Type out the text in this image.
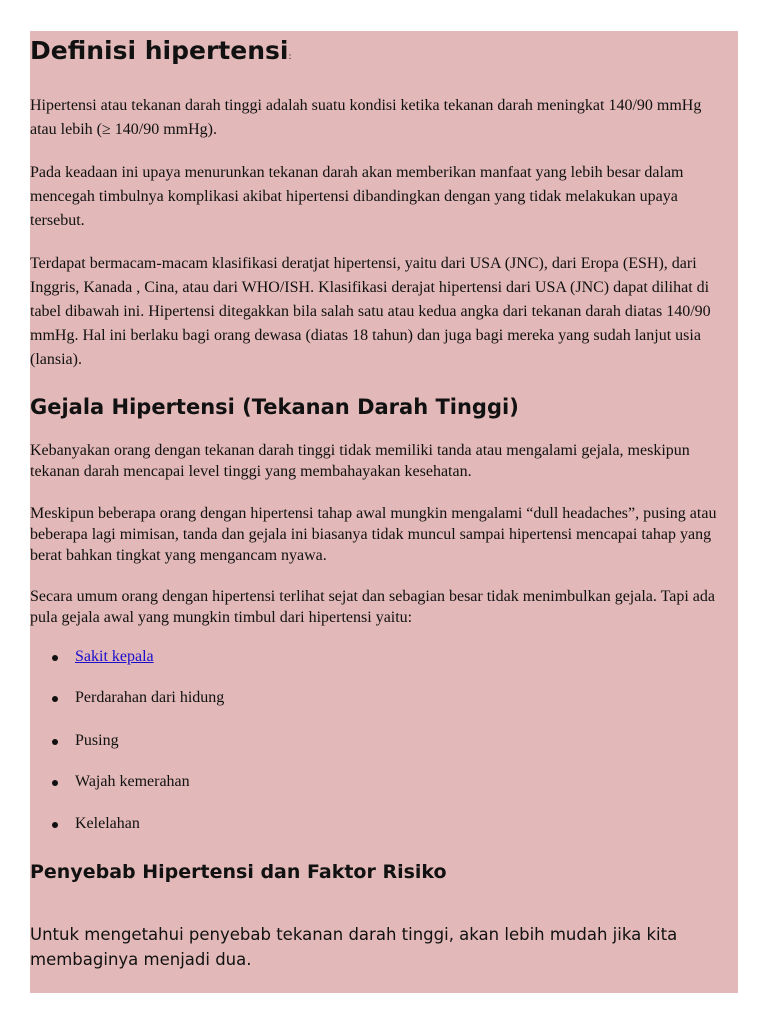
Definisi hipertensi:

Hipertensi atau tekanan darah tinggi adalah suatu kondisi ketika tekanan darah meningkat 140/90 mmHg atau lebih (≥ 140/90 mmHg).

Pada keadaan ini upaya menurunkan tekanan darah akan memberikan manfaat yang lebih besar dalam mencegah timbulnya komplikasi akibat hipertensi dibandingkan dengan yang tidak melakukan upaya tersebut.

Terdapat bermacam-macam klasifikasi deratjat hipertensi, yaitu dari USA (JNC), dari Eropa (ESH), dari Inggris, Kanada , Cina, atau dari WHO/ISH. Klasifikasi derajat hipertensi dari USA (JNC) dapat dilihat di tabel dibawah ini. Hipertensi ditegakkan bila salah satu atau kedua angka dari tekanan darah diatas 140/90 mmHg. Hal ini berlaku bagi orang dewasa (diatas 18 tahun) dan juga bagi mereka yang sudah lanjut usia (lansia).

Gejala Hipertensi (Tekanan Darah Tinggi)

Kebanyakan orang dengan tekanan darah tinggi tidak memiliki tanda atau mengalami gejala, meskipun tekanan darah mencapai level tinggi yang membahayakan kesehatan.

Meskipun beberapa orang dengan hipertensi tahap awal mungkin mengalami “dull headaches”, pusing atau beberapa lagi mimisan, tanda dan gejala ini biasanya tidak muncul sampai hipertensi mencapai tahap yang berat bahkan tingkat yang mengancam nyawa.

Secara umum orang dengan hipertensi terlihat sejat dan sebagian besar tidak menimbulkan gejala. Tapi ada pula gejala awal yang mungkin timbul dari hipertensi yaitu:

Sakit kepala
Perdarahan dari hidung
Pusing
Wajah kemerahan
Kelelahan
Penyebab Hipertensi dan Faktor Risiko

Untuk mengetahui penyebab tekanan darah tinggi, akan lebih mudah jika kita membaginya menjadi dua.
